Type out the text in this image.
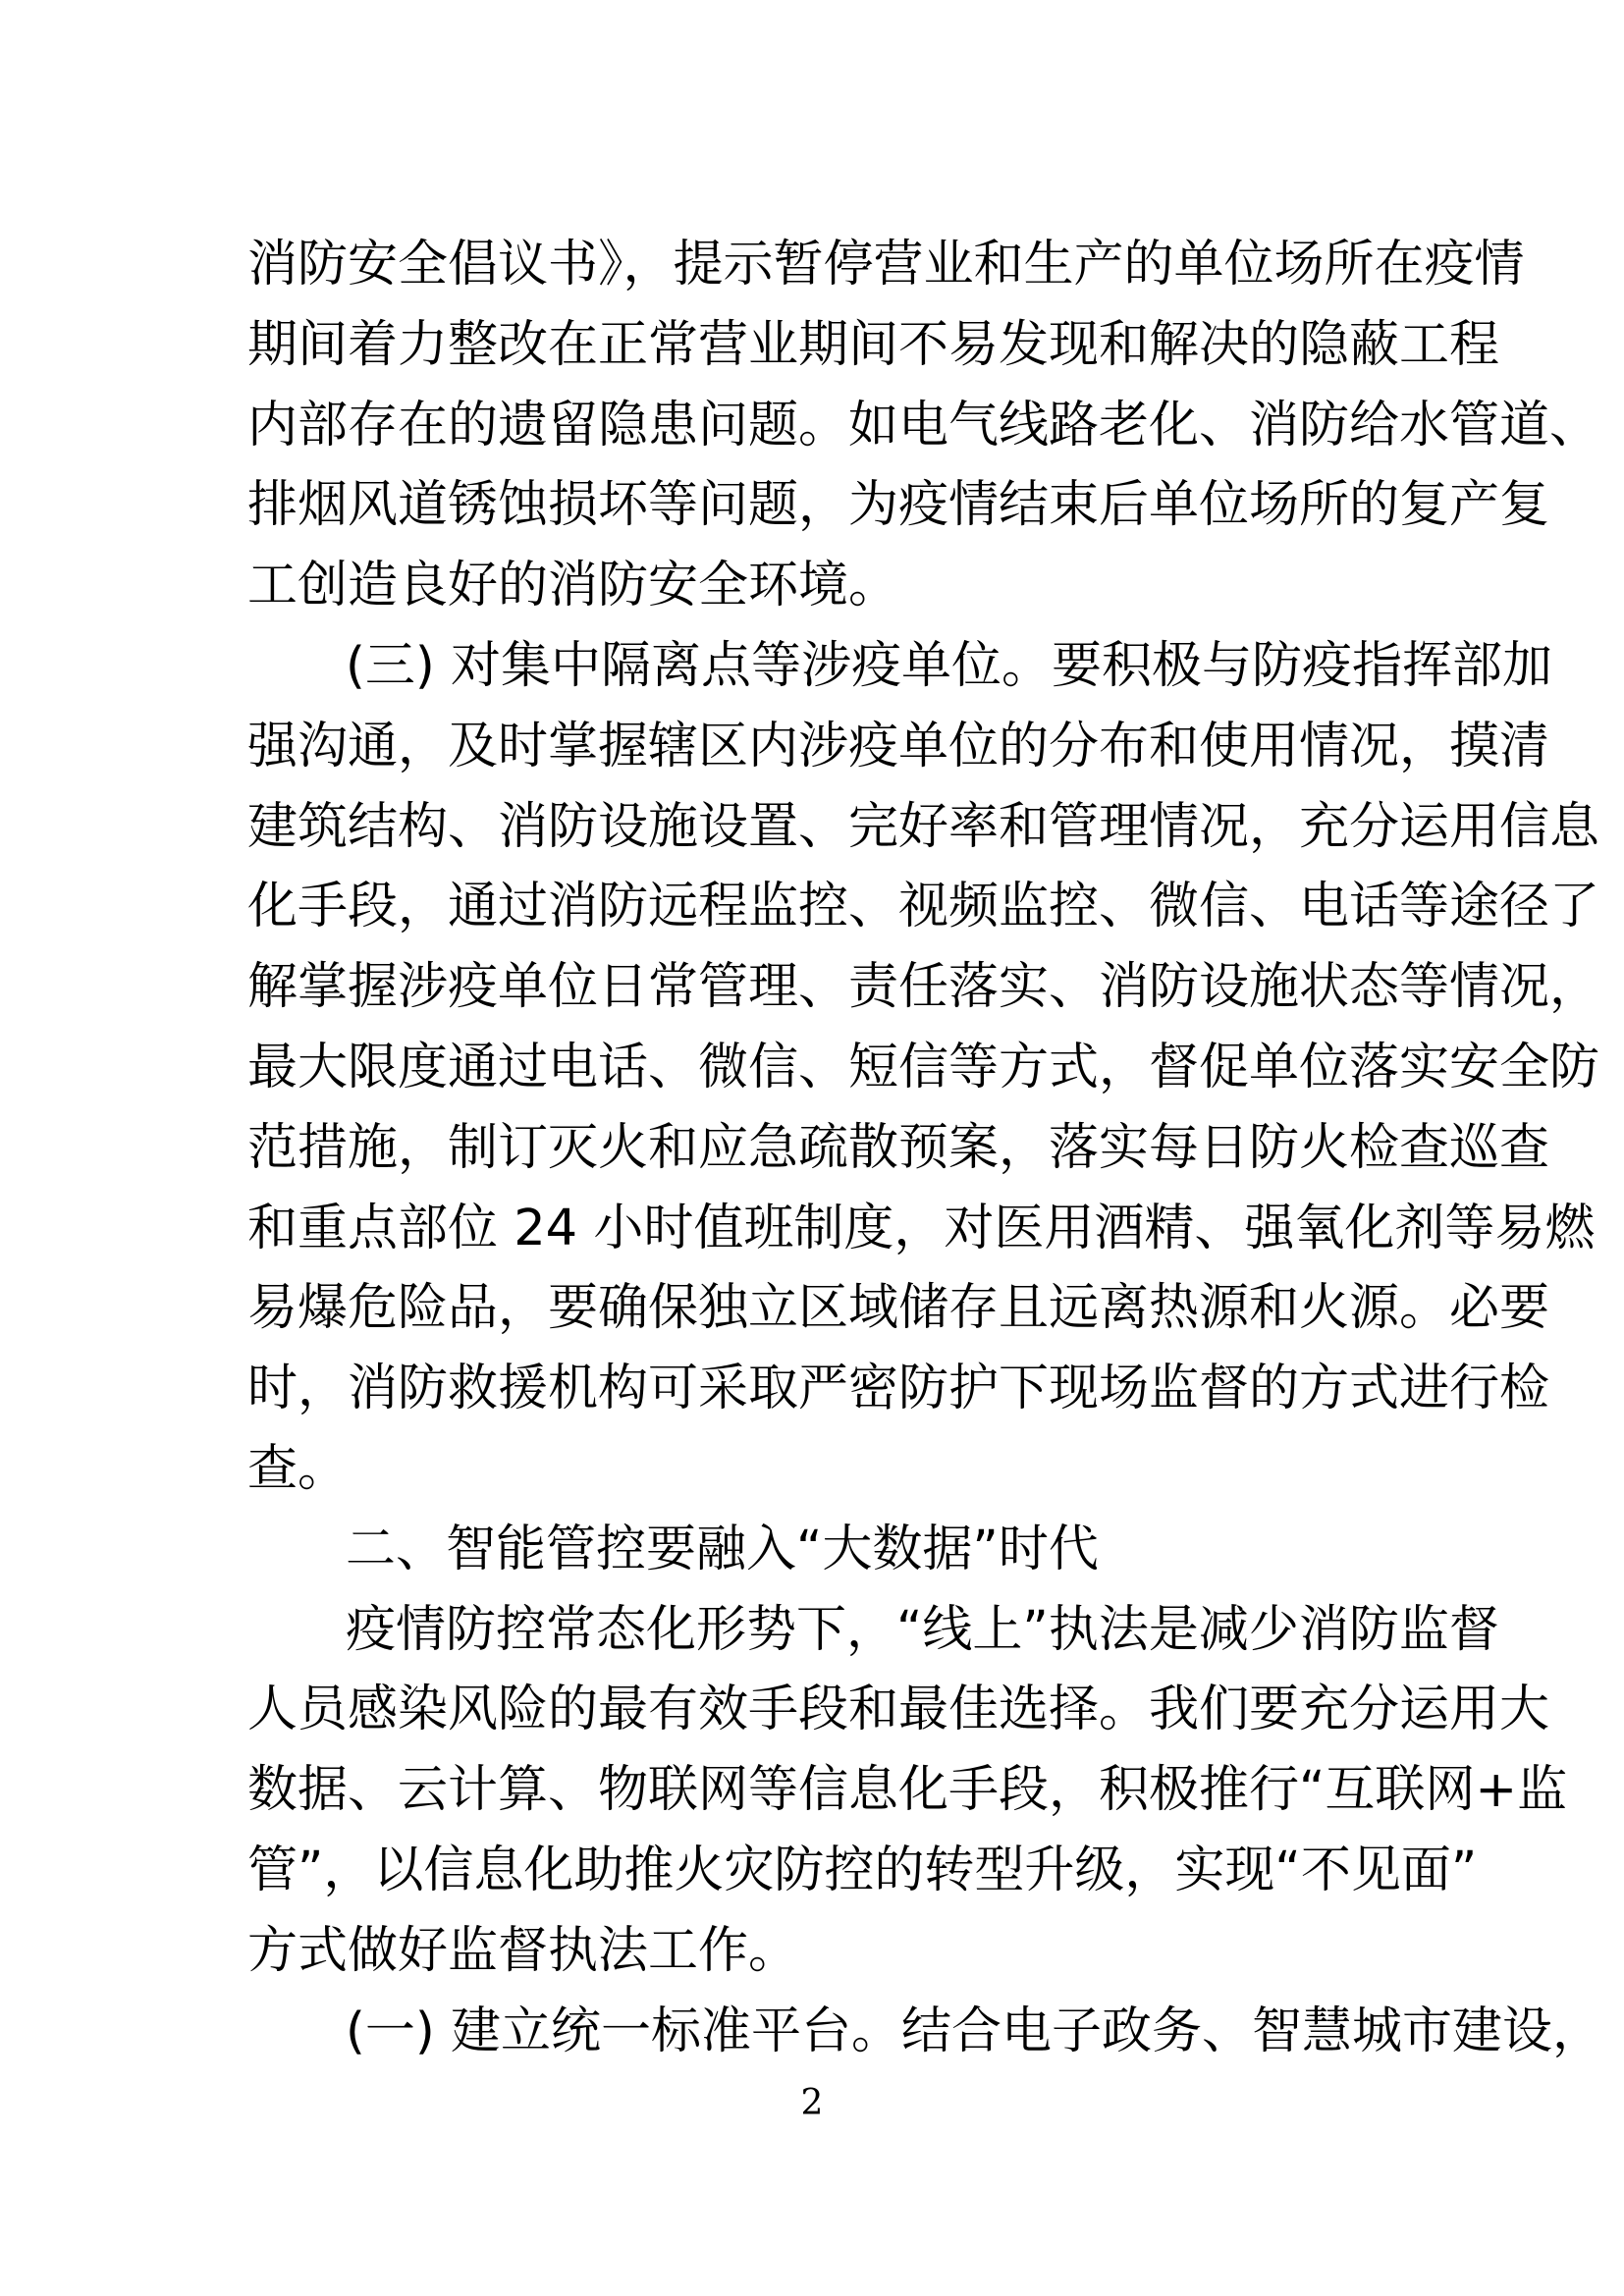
消防安全倡议书》，提示暂停营业和生产的单位场所在疫情
期间着力整改在正常营业期间不易发现和解决的隐蔽工程
内部存在的遗留隐患问题。如电气线路老化、消防给水管道、
排烟风道锈蚀损坏等问题，为疫情结束后单位场所的复产复
工创造良好的消防安全环境。
(三) 对集中隔离点等涉疫单位。要积极与防疫指挥部加
强沟通，及时掌握辖区内涉疫单位的分布和使用情况，摸清
建筑结构、消防设施设置、完好率和管理情况，充分运用信息
化手段，通过消防远程监控、视频监控、微信、电话等途径了
解掌握涉疫单位日常管理、责任落实、消防设施状态等情况，
最大限度通过电话、微信、短信等方式，督促单位落实安全防
范措施，制订灭火和应急疏散预案，落实每日防火检查巡查
和重点部位 24 小时值班制度，对医用酒精、强氧化剂等易燃
易爆危险品，要确保独立区域储存且远离热源和火源。必要
时，消防救援机构可采取严密防护下现场监督的方式进行检
查。
二、智能管控要融入“大数据”时代
疫情防控常态化形势下，“线上”执法是减少消防监督
人员感染风险的最有效手段和最佳选择。我们要充分运用大
数据、云计算、物联网等信息化手段，积极推行“互联网+监
管”，以信息化助推火灾防控的转型升级，实现“不见面”
方式做好监督执法工作。
(一) 建立统一标准平台。结合电子政务、智慧城市建设，
2
